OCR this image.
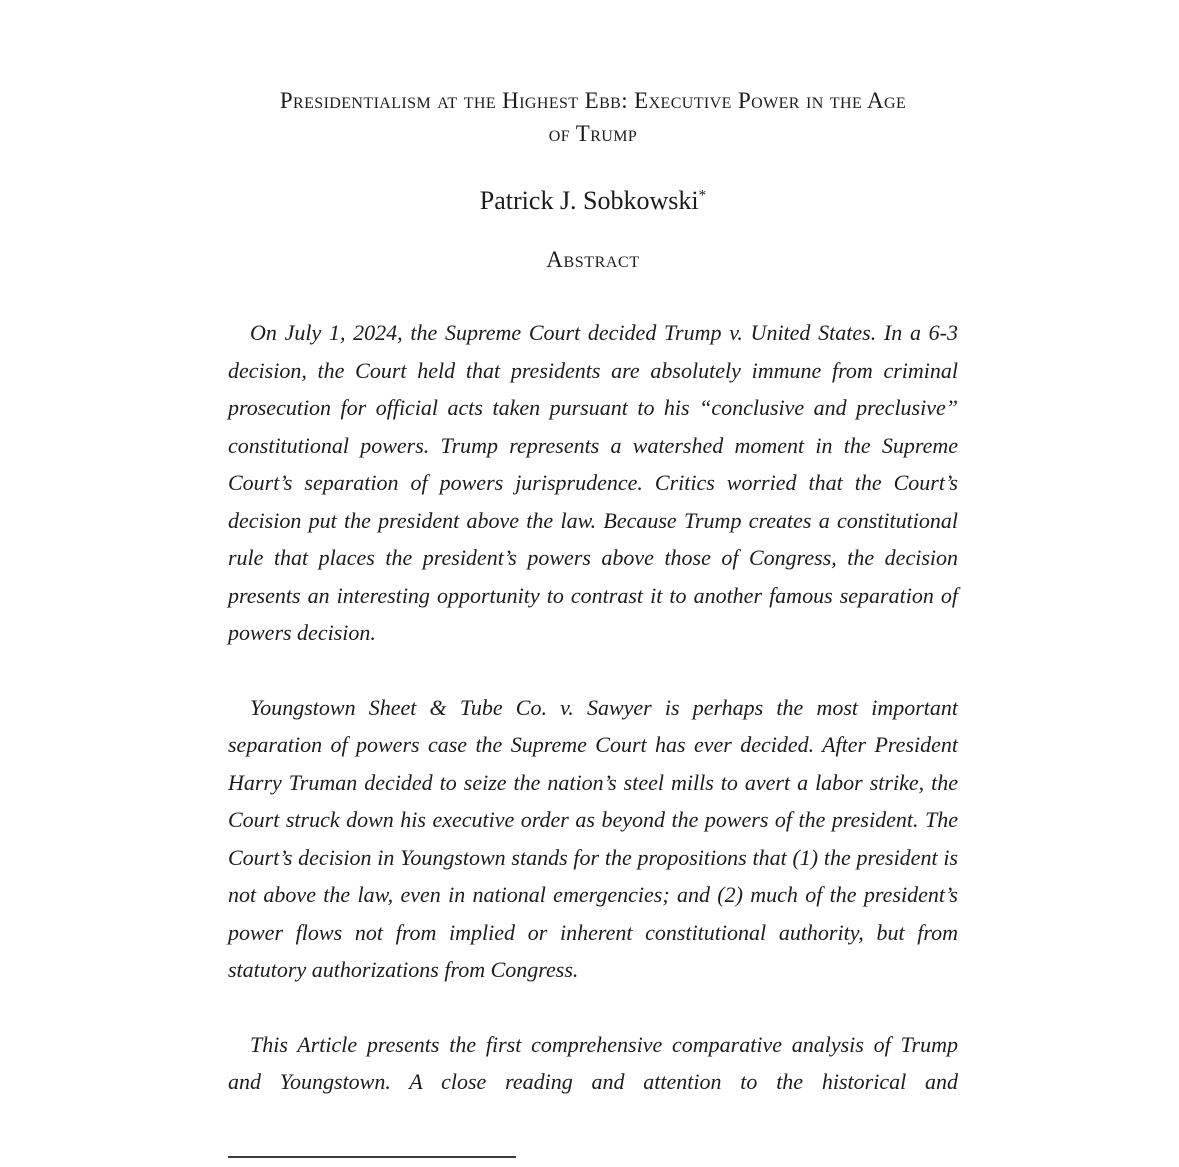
Presidentialism at the Highest Ebb: Executive Power in the Age
of Trump
Patrick J. Sobkowski*
Abstract

On July 1, 2024, the Supreme Court decided Trump v. United States. In a 6-3 decision, the Court held that presidents are absolutely immune from criminal prosecution for official acts taken pursuant to his “conclusive and preclusive” constitutional powers. Trump represents a watershed moment in the Supreme Court’s separation of powers jurisprudence. Critics worried that the Court’s decision put the president above the law. Because Trump creates a constitutional rule that places the president’s powers above those of Congress, the decision presents an interesting opportunity to contrast it to another famous separation of powers decision.

Youngstown Sheet & Tube Co. v. Sawyer is perhaps the most important separation of powers case the Supreme Court has ever decided. After President Harry Truman decided to seize the nation’s steel mills to avert a labor strike, the Court struck down his executive order as beyond the powers of the president. The Court’s decision in Youngstown stands for the propositions that (1) the president is not above the law, even in national emergencies; and (2) much of the president’s power flows not from implied or inherent constitutional authority, but from statutory authorizations from Congress.

This Article presents the first comprehensive comparative analysis of Trump and Youngstown. A close reading and attention to the historical and
